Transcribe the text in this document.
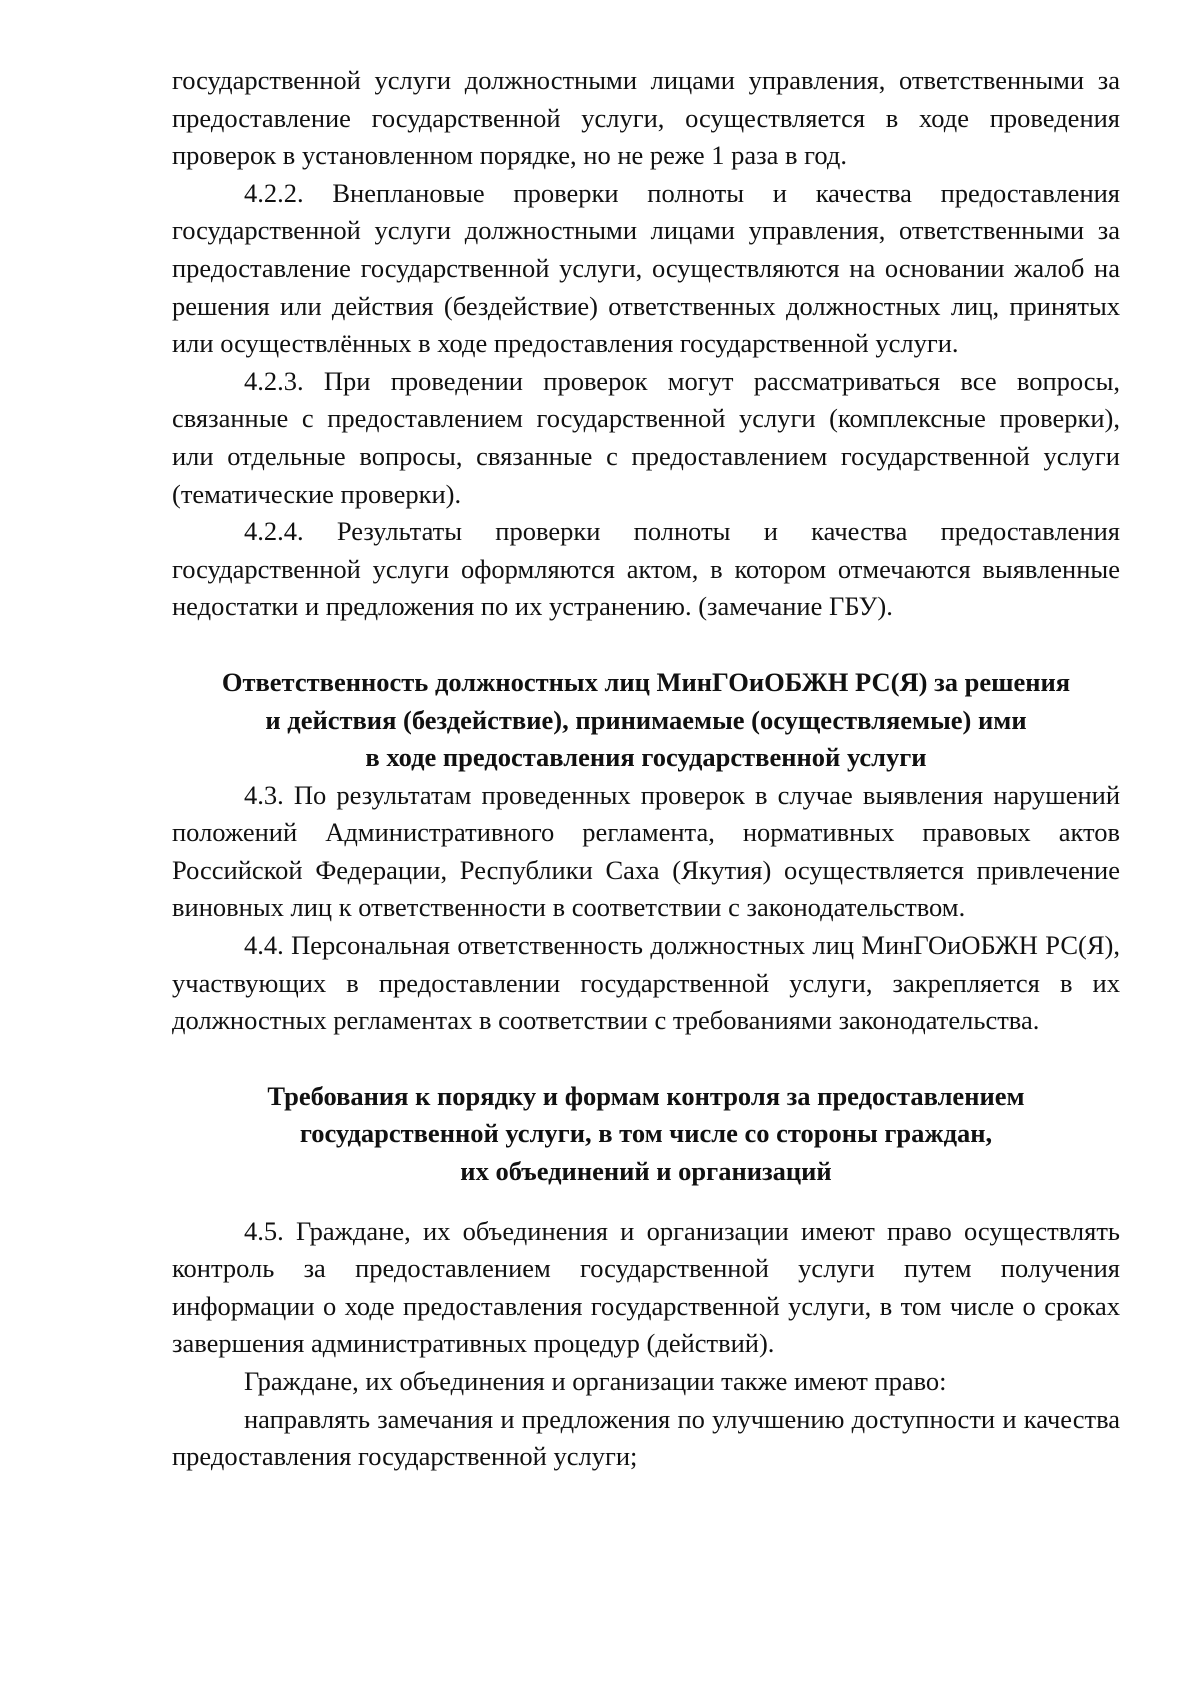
государственной услуги должностными лицами управления, ответственными за предоставление государственной услуги, осуществляется в ходе проведения проверок в установленном порядке, но не реже 1 раза в год.

4.2.2. Внеплановые проверки полноты и качества предоставления государственной услуги должностными лицами управления, ответственными за предоставление государственной услуги, осуществляются на основании жалоб на решения или действия (бездействие) ответственных должностных лиц, принятых или осуществлённых в ходе предоставления государственной услуги.

4.2.3. При проведении проверок могут рассматриваться все вопросы, связанные с предоставлением государственной услуги (комплексные проверки), или отдельные вопросы, связанные с предоставлением государственной услуги (тематические проверки).

4.2.4. Результаты проверки полноты и качества предоставления государственной услуги оформляются актом, в котором отмечаются выявленные недостатки и предложения по их устранению. (замечание ГБУ).

Ответственность должностных лиц МинГОиОБЖН РС(Я) за решения
и действия (бездействие), принимаемые (осуществляемые) ими
в ходе предоставления государственной услуги

4.3. По результатам проведенных проверок в случае выявления нарушений положений Административного регламента, нормативных правовых актов Российской Федерации, Республики Саха (Якутия) осуществляется привлечение виновных лиц к ответственности в соответствии с законодательством.

4.4. Персональная ответственность должностных лиц МинГОиОБЖН РС(Я), участвующих в предоставлении государственной услуги, закрепляется в их должностных регламентах в соответствии с требованиями законодательства.

Требования к порядку и формам контроля за предоставлением
государственной услуги, в том числе со стороны граждан,
их объединений и организаций

4.5. Граждане, их объединения и организации имеют право осуществлять контроль за предоставлением государственной услуги путем получения информации о ходе предоставления государственной услуги, в том числе о сроках завершения административных процедур (действий).

Граждане, их объединения и организации также имеют право:

направлять замечания и предложения по улучшению доступности и качества предоставления государственной услуги;
